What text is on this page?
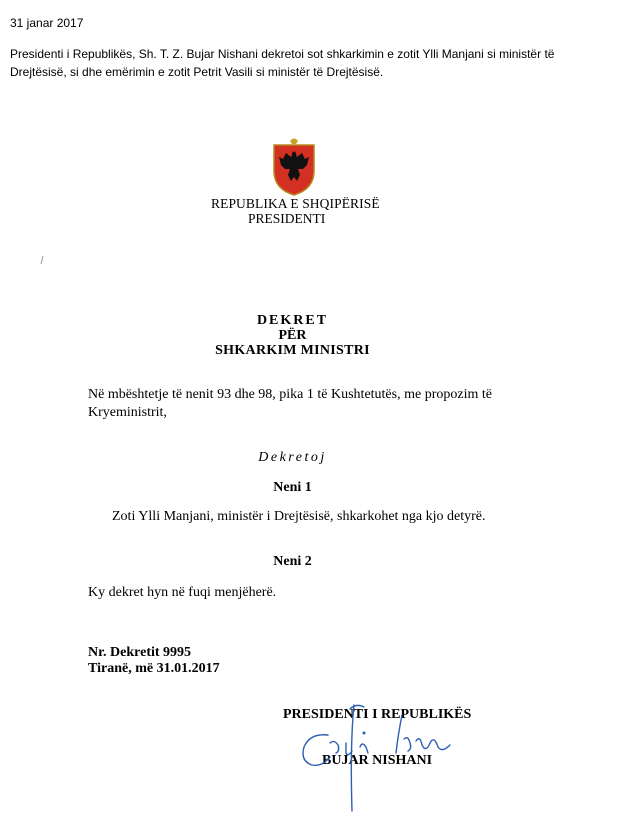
31 janar 2017
Presidenti i Republikës, Sh. T. Z. Bujar Nishani dekretoi sot shkarkimin e zotit Ylli Manjani si ministër të Drejtësisë, si dhe emërimin e zotit Petrit Vasili si ministër të Drejtësisë.
REPUBLIKA E SHQIPËRISË
PRESIDENTI
DEKRET
PËR
SHKARKIM MINISTRI
Në mbështetje të nenit 93 dhe 98, pika 1 të Kushtetutës, me propozim të Kryeministrit,
Dekretoj
Neni 1
Zoti Ylli Manjani, ministër i Drejtësisë, shkarkohet nga kjo detyrë.
Neni 2
Ky dekret hyn në fuqi menjëherë.
Nr. Dekretit 9995
Tiranë, më 31.01.2017
PRESIDENTI I REPUBLIKËS
BUJAR NISHANI
